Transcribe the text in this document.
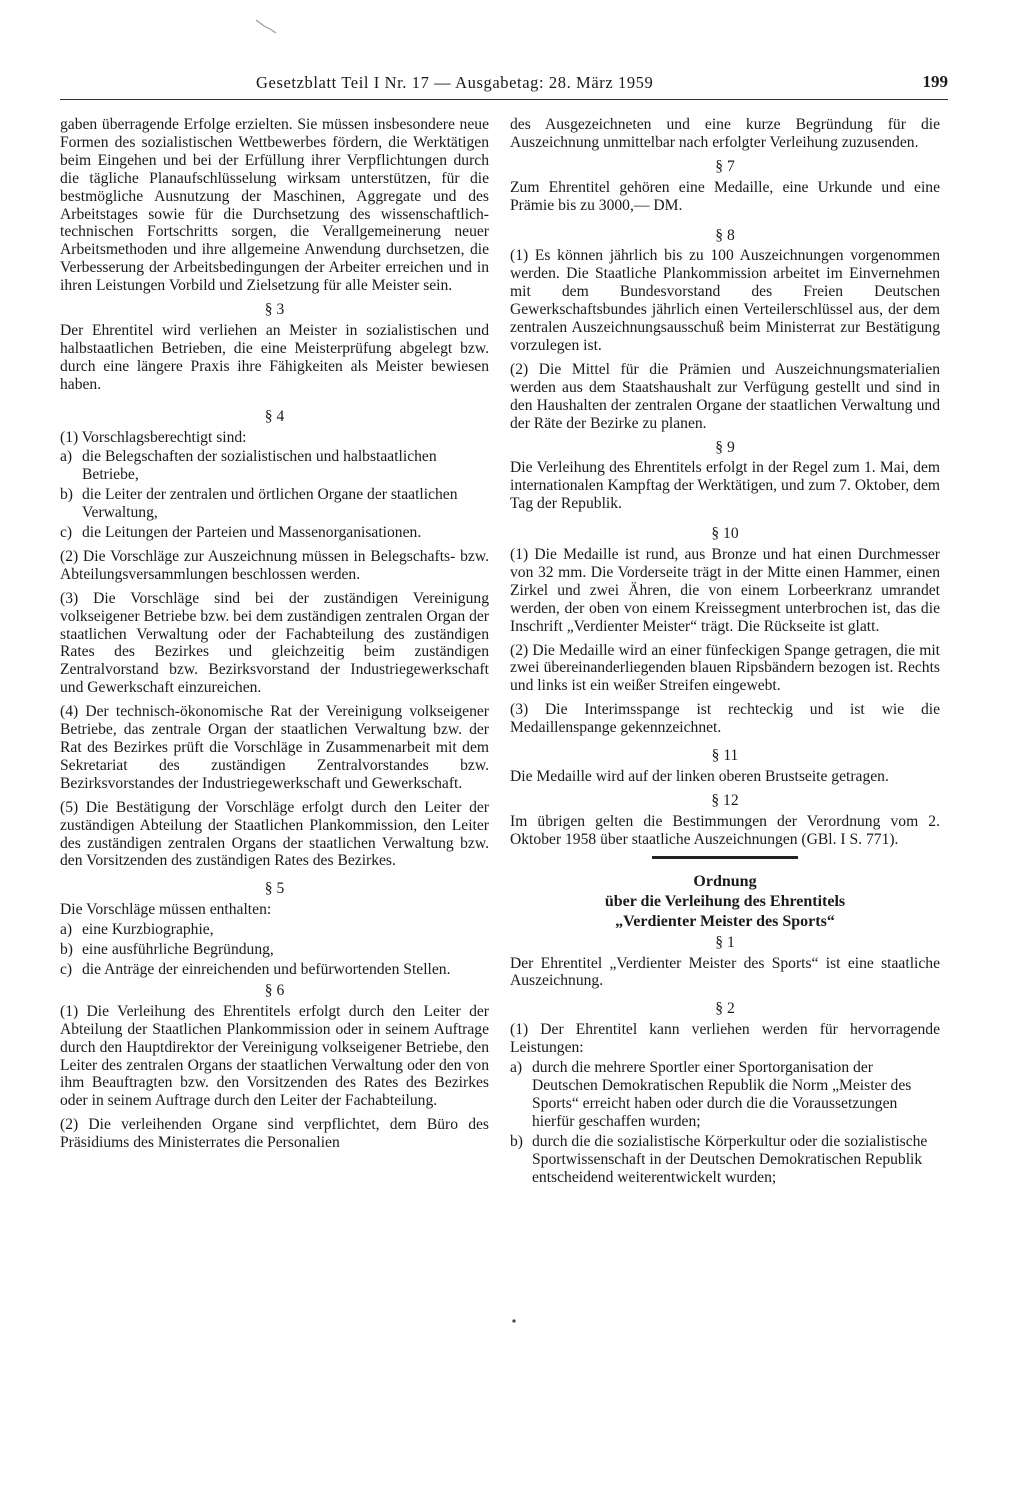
Gesetzblatt Teil I Nr. 17 — Ausgabetag: 28. März 1959	199

gaben überragende Erfolge erzielten. Sie müssen insbesondere neue Formen des sozialistischen Wettbewerbes fördern, die Werktätigen beim Eingehen und bei der Erfüllung ihrer Verpflichtungen durch die tägliche Planaufschlüsselung wirksam unterstützen, für die bestmögliche Ausnutzung der Maschinen, Aggregate und des Arbeitstages sowie für die Durchsetzung des wissenschaftlich-technischen Fortschritts sorgen, die Verallgemeinerung neuer Arbeitsmethoden und ihre allgemeine Anwendung durchsetzen, die Verbesserung der Arbeitsbedingungen der Arbeiter erreichen und in ihren Leistungen Vorbild und Zielsetzung für alle Meister sein.

§ 3

Der Ehrentitel wird verliehen an Meister in sozialistischen und halbstaatlichen Betrieben, die eine Meisterprüfung abgelegt bzw. durch eine längere Praxis ihre Fähigkeiten als Meister bewiesen haben.

§ 4

(1) Vorschlagsberechtigt sind:

a) die Belegschaften der sozialistischen und halbstaatlichen Betriebe,
b) die Leiter der zentralen und örtlichen Organe der staatlichen Verwaltung,
c) die Leitungen der Parteien und Massenorganisationen.

(2) Die Vorschläge zur Auszeichnung müssen in Belegschafts- bzw. Abteilungsversammlungen beschlossen werden.

(3) Die Vorschläge sind bei der zuständigen Vereinigung volkseigener Betriebe bzw. bei dem zuständigen zentralen Organ der staatlichen Verwaltung oder der Fachabteilung des zuständigen Rates des Bezirkes und gleichzeitig beim zuständigen Zentralvorstand bzw. Bezirksvorstand der Industriegewerkschaft und Gewerkschaft einzureichen.

(4) Der technisch-ökonomische Rat der Vereinigung volkseigener Betriebe, das zentrale Organ der staatlichen Verwaltung bzw. der Rat des Bezirkes prüft die Vorschläge in Zusammenarbeit mit dem Sekretariat des zuständigen Zentralvorstandes bzw. Bezirksvorstandes der Industriegewerkschaft und Gewerkschaft.

(5) Die Bestätigung der Vorschläge erfolgt durch den Leiter der zuständigen Abteilung der Staatlichen Plankommission, den Leiter des zuständigen zentralen Organs der staatlichen Verwaltung bzw. den Vorsitzenden des zuständigen Rates des Bezirkes.

§ 5

Die Vorschläge müssen enthalten:

a) eine Kurzbiographie,
b) eine ausführliche Begründung,
c) die Anträge der einreichenden und befürwortenden Stellen.
§ 6

(1) Die Verleihung des Ehrentitels erfolgt durch den Leiter der Abteilung der Staatlichen Plankommission oder in seinem Auftrage durch den Hauptdirektor der Vereinigung volkseigener Betriebe, den Leiter des zentralen Organs der staatlichen Verwaltung oder den von ihm Beauftragten bzw. den Vorsitzenden des Rates des Bezirkes oder in seinem Auftrage durch den Leiter der Fachabteilung.

(2) Die verleihenden Organe sind verpflichtet, dem Büro des Präsidiums des Ministerrates die Personalien

des Ausgezeichneten und eine kurze Begründung für die Auszeichnung unmittelbar nach erfolgter Verleihung zuzusenden.

§ 7

Zum Ehrentitel gehören eine Medaille, eine Urkunde und eine Prämie bis zu 3000,— DM.

§ 8

(1) Es können jährlich bis zu 100 Auszeichnungen vorgenommen werden. Die Staatliche Plankommission arbeitet im Einvernehmen mit dem Bundesvorstand des Freien Deutschen Gewerkschaftsbundes jährlich einen Verteilerschlüssel aus, der dem zentralen Auszeichnungsausschuß beim Ministerrat zur Bestätigung vorzulegen ist.

(2) Die Mittel für die Prämien und Auszeichnungsmaterialien werden aus dem Staatshaushalt zur Verfügung gestellt und sind in den Haushalten der zentralen Organe der staatlichen Verwaltung und der Räte der Bezirke zu planen.

§ 9

Die Verleihung des Ehrentitels erfolgt in der Regel zum 1. Mai, dem internationalen Kampftag der Werktätigen, und zum 7. Oktober, dem Tag der Republik.

§ 10

(1) Die Medaille ist rund, aus Bronze und hat einen Durchmesser von 32 mm. Die Vorderseite trägt in der Mitte einen Hammer, einen Zirkel und zwei Ähren, die von einem Lorbeerkranz umrandet werden, der oben von einem Kreissegment unterbrochen ist, das die Inschrift „Verdienter Meister“ trägt. Die Rückseite ist glatt.

(2) Die Medaille wird an einer fünfeckigen Spange getragen, die mit zwei übereinanderliegenden blauen Ripsbändern bezogen ist. Rechts und links ist ein weißer Streifen eingewebt.

(3) Die Interimsspange ist rechteckig und ist wie die Medaillenspange gekennzeichnet.

§ 11

Die Medaille wird auf der linken oberen Brustseite getragen.

§ 12

Im übrigen gelten die Bestimmungen der Verordnung vom 2. Oktober 1958 über staatliche Auszeichnungen (GBl. I S. 771).

Ordnung
über die Verleihung des Ehrentitels
„Verdienter Meister des Sports“
§ 1

Der Ehrentitel „Verdienter Meister des Sports“ ist eine staatliche Auszeichnung.

§ 2

(1) Der Ehrentitel kann verliehen werden für hervorragende Leistungen:

a) durch die mehrere Sportler einer Sportorganisation der Deutschen Demokratischen Republik die Norm „Meister des Sports“ erreicht haben oder durch die die Voraussetzungen hierfür geschaffen wurden;
b) durch die die sozialistische Körperkultur oder die sozialistische Sportwissenschaft in der Deutschen Demokratischen Republik entscheidend weiterentwickelt wurden;
